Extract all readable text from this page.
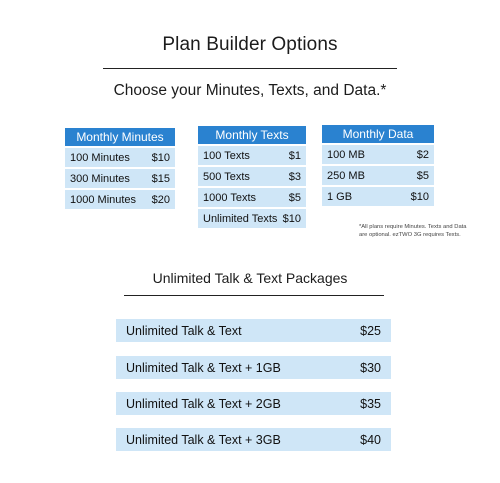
Plan Builder Options
Choose your Minutes, Texts, and Data.*
Monthly Minutes
100 Minutes $10
300 Minutes $15
1000 Minutes $20
Monthly Texts
100 Texts	$1
500 Texts	$3
1000 Texts	$5
Unlimited Texts $10
Monthly Data
100 MB	$2
250 MB	$5
1 GB	$10
*All plans require Minutes. Texts and Data are optional. ezTWO 3G requires Texts.
Unlimited Talk & Text Packages
Unlimited Talk & Text	$25
Unlimited Talk & Text + 1GB	$30
Unlimited Talk & Text + 2GB	$35
Unlimited Talk & Text + 3GB	$40
